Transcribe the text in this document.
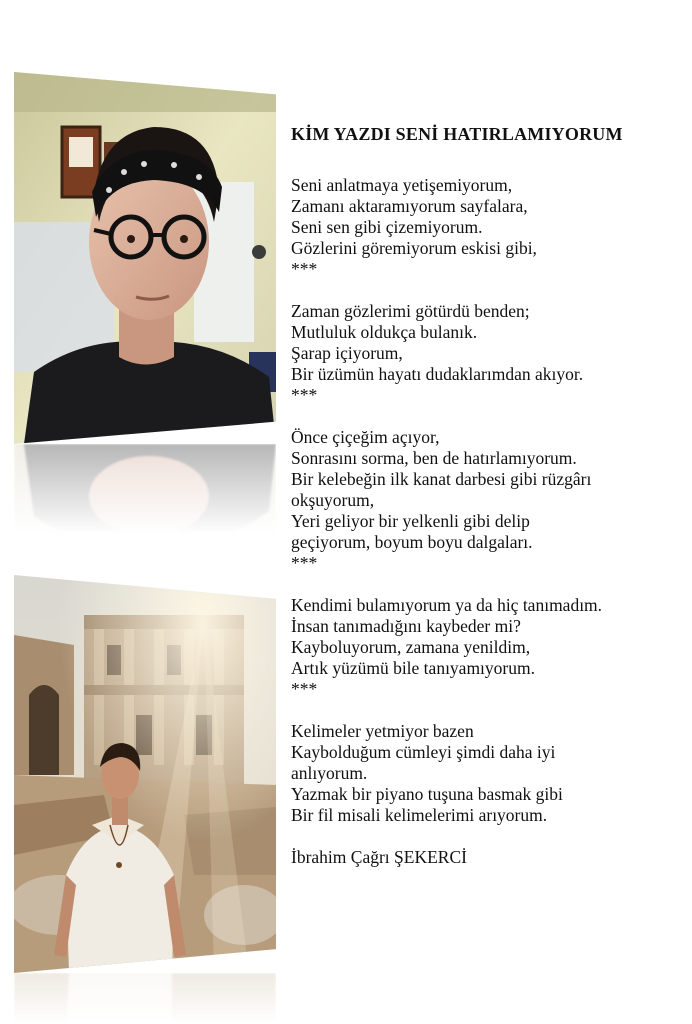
KİM YAZDI SENİ HATIRLAMIYORUM
Seni anlatmaya yetişemiyorum,
Zamanı aktaramıyorum sayfalara,
Seni sen gibi çizemiyorum.
Gözlerini göremiyorum eskisi gibi,
***
Zaman gözlerimi götürdü benden;
Mutluluk oldukça bulanık.
Şarap içiyorum,
Bir üzümün hayatı dudaklarımdan akıyor.
***
Önce çiçeğim açıyor,
Sonrasını sorma, ben de hatırlamıyorum.
Bir kelebeğin ilk kanat darbesi gibi rüzgârı
okşuyorum,
Yeri geliyor bir yelkenli gibi delip
geçiyorum, boyum boyu dalgaları.
***
Kendimi bulamıyorum ya da hiç tanımadım.
İnsan tanımadığını kaybeder mi?
Kayboluyorum, zamana yenildim,
Artık yüzümü bile tanıyamıyorum.
***
Kelimeler yetmiyor bazen
Kaybolduğum cümleyi şimdi daha iyi
anlıyorum.
Yazmak bir piyano tuşuna basmak gibi
Bir fil misali kelimelerimi arıyorum.
İbrahim Çağrı ŞEKERCİ
